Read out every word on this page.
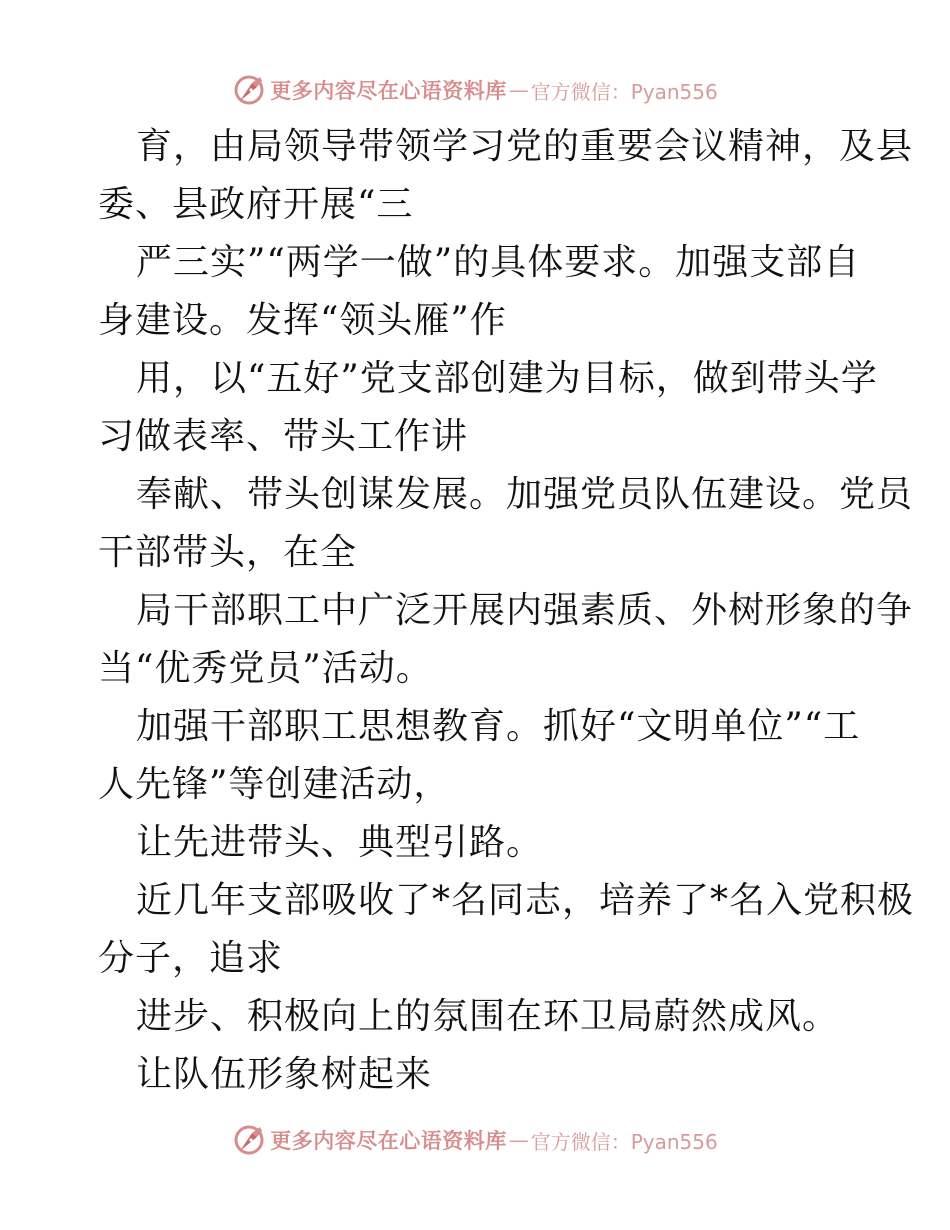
更多内容尽在心语资料库 — 官方微信：Pyan556
育，由局领导带领学习党的重要会议精神，及县
委、县政府开展“三
严三实”“两学一做”的具体要求。加强支部自
身建设。发挥“领头雁”作
用，以“五好”党支部创建为目标，做到带头学
习做表率、带头工作讲
奉献、带头创谋发展。加强党员队伍建设。党员
干部带头，在全
局干部职工中广泛开展内强素质、外树形象的争
当“优秀党员”活动。
加强干部职工思想教育。抓好“文明单位”“工
人先锋”等创建活动，
让先进带头、典型引路。
近几年支部吸收了*名同志，培养了*名入党积极
分子，追求
进步、积极向上的氛围在环卫局蔚然成风。
让队伍形象树起来
更多内容尽在心语资料库 — 官方微信：Pyan556
